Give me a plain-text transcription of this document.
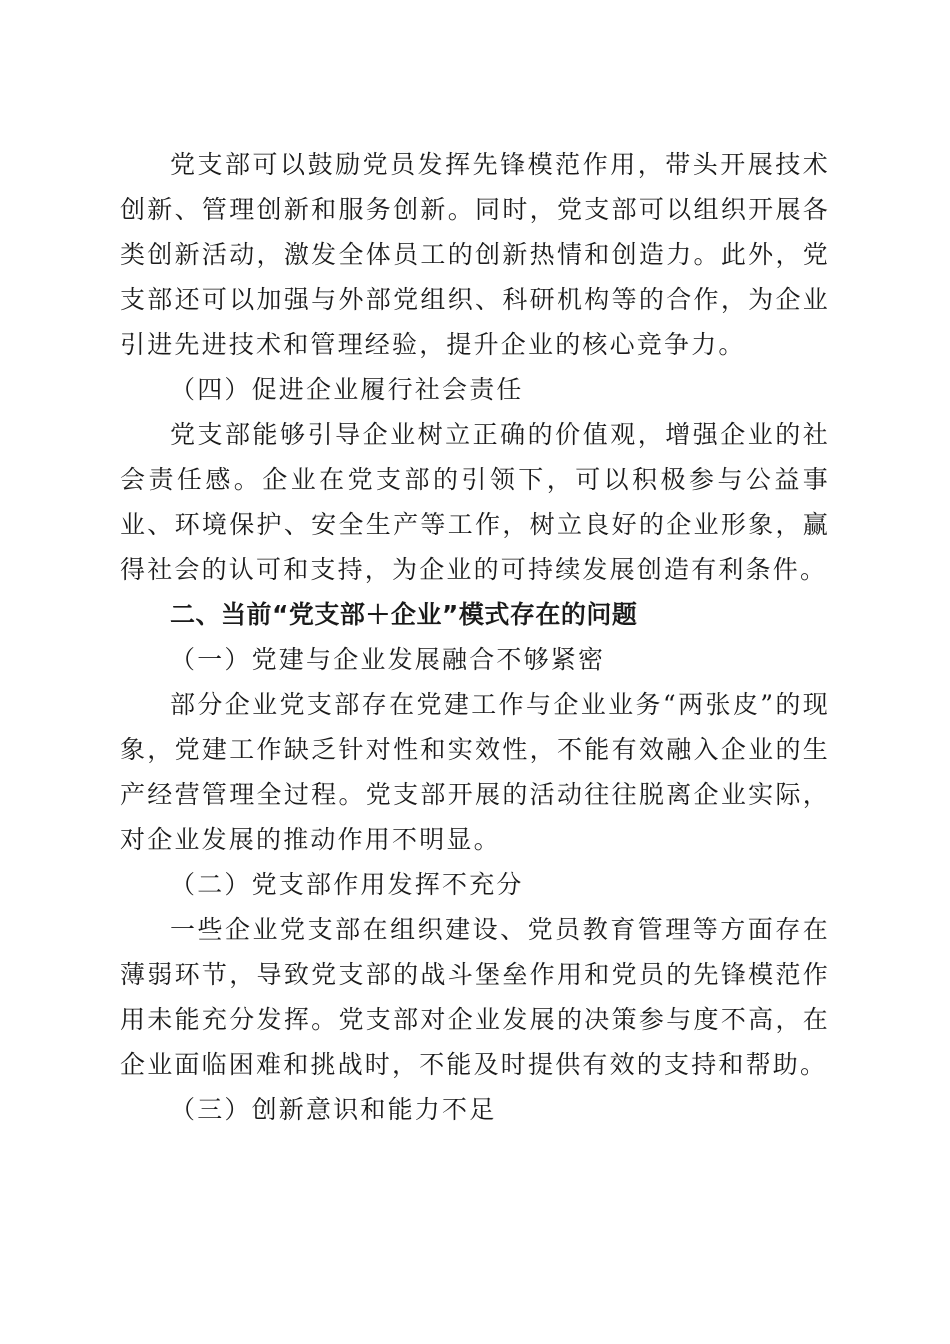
党支部可以鼓励党员发挥先锋模范作用，带头开展技术创新、管理创新和服务创新。同时，党支部可以组织开展各类创新活动，激发全体员工的创新热情和创造力。此外，党支部还可以加强与外部党组织、科研机构等的合作，为企业引进先进技术和管理经验，提升企业的核心竞争力。

（四）促进企业履行社会责任

党支部能够引导企业树立正确的价值观，增强企业的社会责任感。企业在党支部的引领下，可以积极参与公益事业、环境保护、安全生产等工作，树立良好的企业形象，赢得社会的认可和支持，为企业的可持续发展创造有利条件。

二、当前“党支部＋企业”模式存在的问题

（一）党建与企业发展融合不够紧密

部分企业党支部存在党建工作与企业业务“两张皮”的现象，党建工作缺乏针对性和实效性，不能有效融入企业的生产经营管理全过程。党支部开展的活动往往脱离企业实际，对企业发展的推动作用不明显。

（二）党支部作用发挥不充分

一些企业党支部在组织建设、党员教育管理等方面存在薄弱环节，导致党支部的战斗堡垒作用和党员的先锋模范作用未能充分发挥。党支部对企业发展的决策参与度不高，在企业面临困难和挑战时，不能及时提供有效的支持和帮助。

（三）创新意识和能力不足
